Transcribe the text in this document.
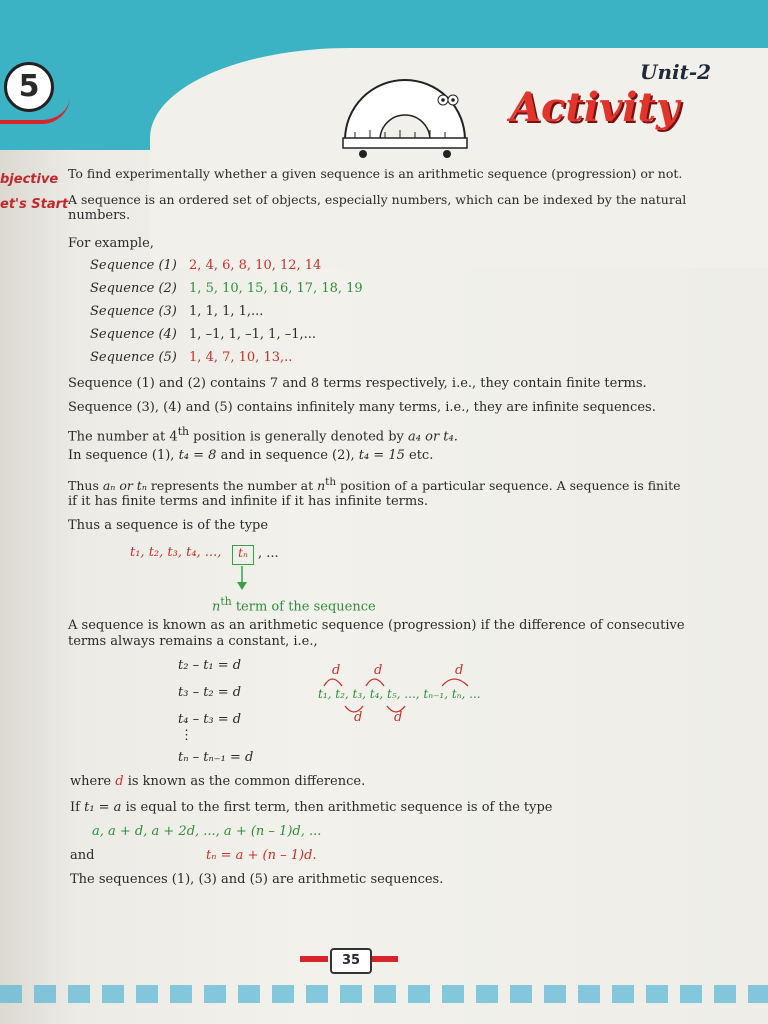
5	Unit-2
Activity
bjective
et's Start
To find experimentally whether a given sequence is an arithmetic sequence (progression) or not.
A sequence is an ordered set of objects, especially numbers, which can be indexed by the natural
numbers.
For example,
Sequence (1) 2, 4, 6, 8, 10, 12, 14
Sequence (2) 1, 5, 10, 15, 16, 17, 18, 19
Sequence (3) 1, 1, 1, 1,...
Sequence (4) 1, –1, 1, –1, 1, –1,...
Sequence (5) 1, 4, 7, 10, 13,..
Sequence (1) and (2) contains 7 and 8 terms respectively, i.e., they contain finite terms.
Sequence (3), (4) and (5) contains infinitely many terms, i.e., they are infinite sequences.
The number at 4th position is generally denoted by a₄ or t₄.
In sequence (1), t₄ = 8 and in sequence (2), t₄ = 15 etc.
Thus aₙ or tₙ represents the number at $n^{th}$ position of a particular sequence. A sequence is finite
if it has finite terms and infinite if it has infinite terms.
Thus a sequence is of the type
t₁, t₂, t₃, t₄, ...,	tₙ , ...
$n^{th}$ term of the sequence
A sequence is known as an arithmetic sequence (progression) if the difference of consecutive
terms always remains a constant, i.e.,
t₂ – t₁ = d
t₃ – t₂ = d
t₄ – t₃ = d
⋮
tₙ – tₙ₋₁ = d
t₁, t₂, t₃, t₄, t₅, ..., tₙ₋₁, tₙ, ...
d	d	d
d d
where d is known as the common difference.
If t₁ = a is equal to the first term, then arithmetic sequence is of the type
a, a + d, a + 2d, ..., a + (n – 1)d, ...
and	tₙ = a + (n – 1)d.
The sequences (1), (3) and (5) are arithmetic sequences.
35
